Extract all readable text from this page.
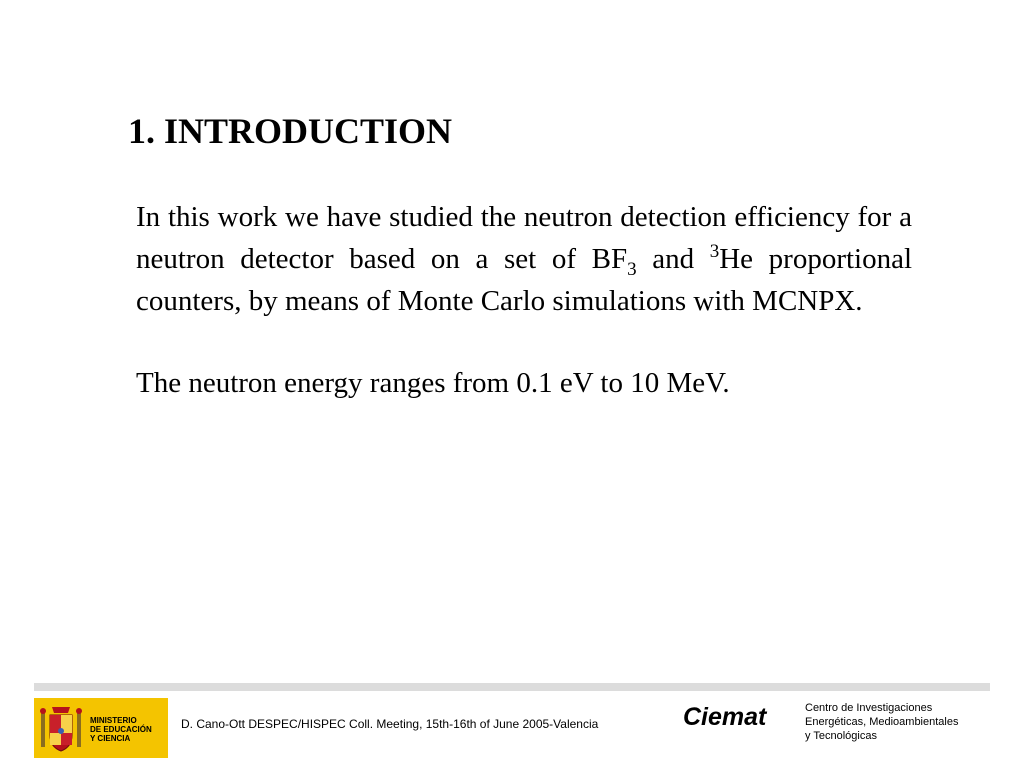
1. INTRODUCTION

In this work we have studied the neutron detection efficiency for a neutron detector based on a set of $BF_3$ and $^3$He proportional counters, by means of Monte Carlo simulations with MCNPX.

The neutron energy ranges from 0.1 eV to 10 MeV.

MINISTERIO
DE EDUCACIÓN
Y CIENCIA
D. Cano-Ott DESPEC/HISPEC Coll. Meeting, 15th-16th of June 2005-Valencia	Ciemat	Centro de Investigaciones
Energéticas, Medioambientales
y Tecnológicas
